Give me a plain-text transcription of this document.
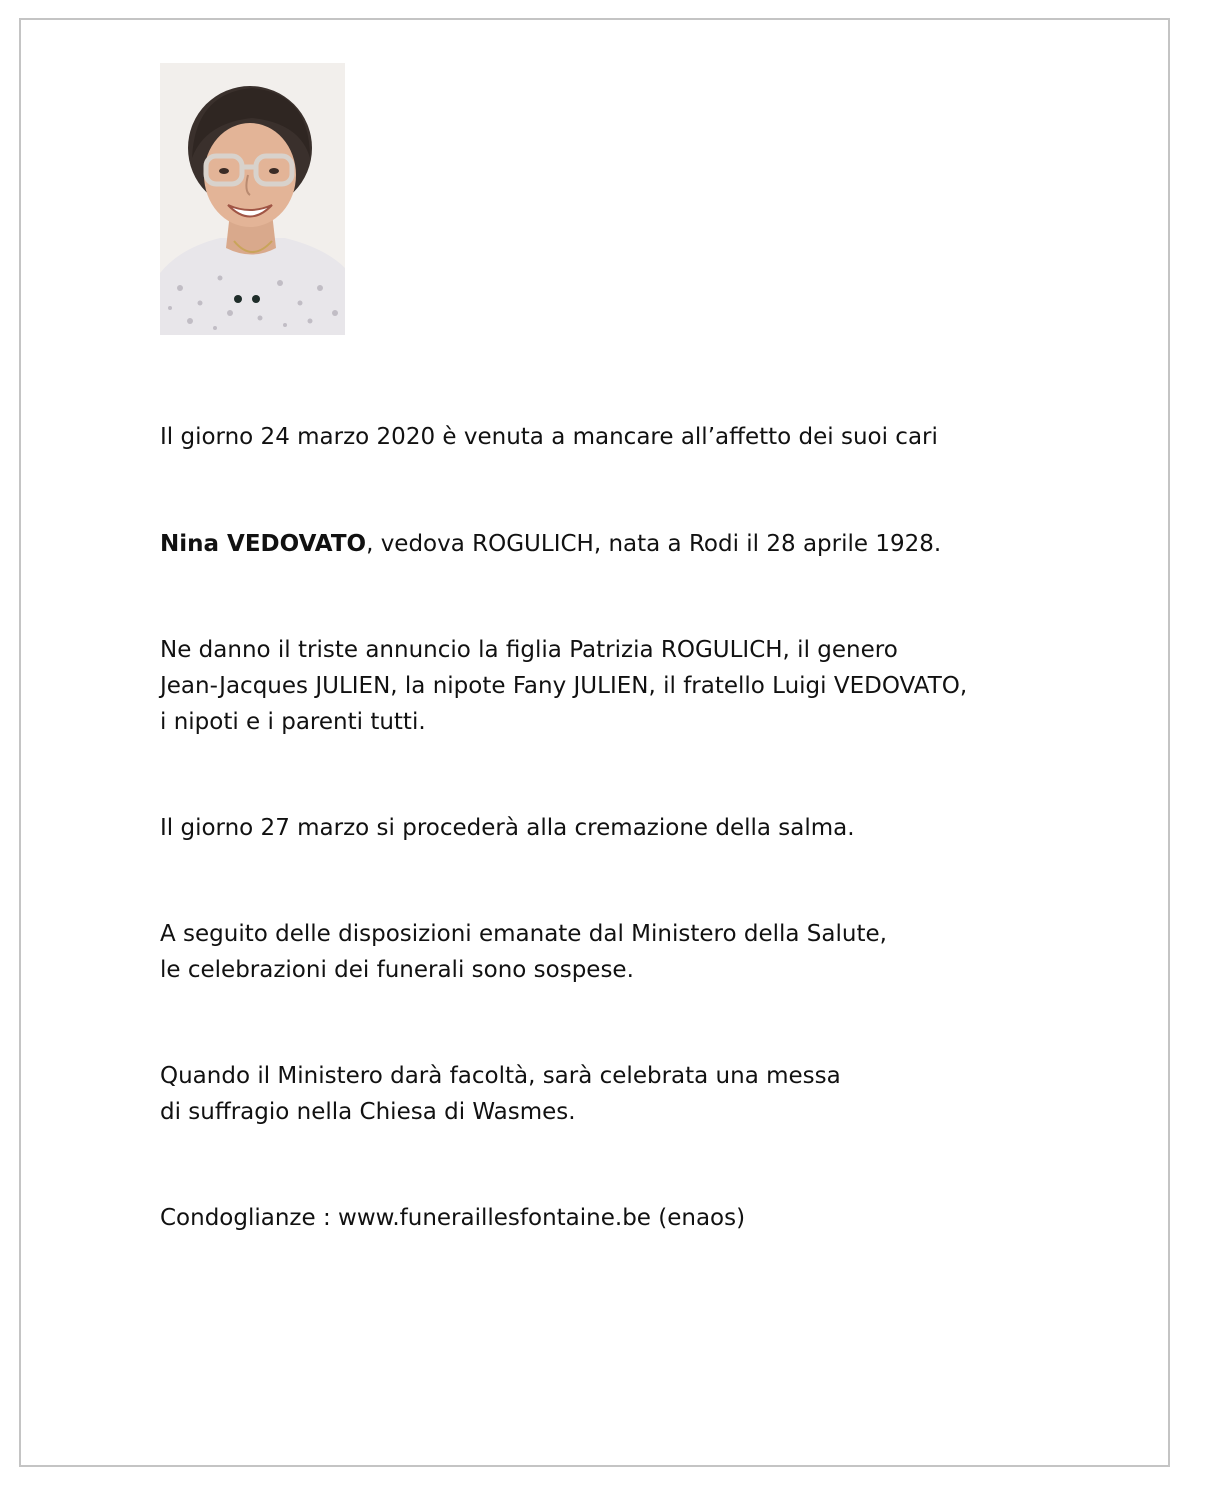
Il giorno 24 marzo 2020 è venuta a mancare all’affetto dei suoi cari

Nina VEDOVATO, vedova ROGULICH, nata a Rodi il 28 aprile 1928.

Ne danno il triste annuncio la figlia Patrizia ROGULICH, il genero
Jean-Jacques JULIEN, la nipote Fany JULIEN, il fratello Luigi VEDOVATO,
i nipoti e i parenti tutti.

Il giorno 27 marzo si procederà alla cremazione della salma.

A seguito delle disposizioni emanate dal Ministero della Salute,
le celebrazioni dei funerali sono sospese.

Quando il Ministero darà facoltà, sarà celebrata una messa
di suffragio nella Chiesa di Wasmes.

Condoglianze : www.funeraillesfontaine.be (enaos)
